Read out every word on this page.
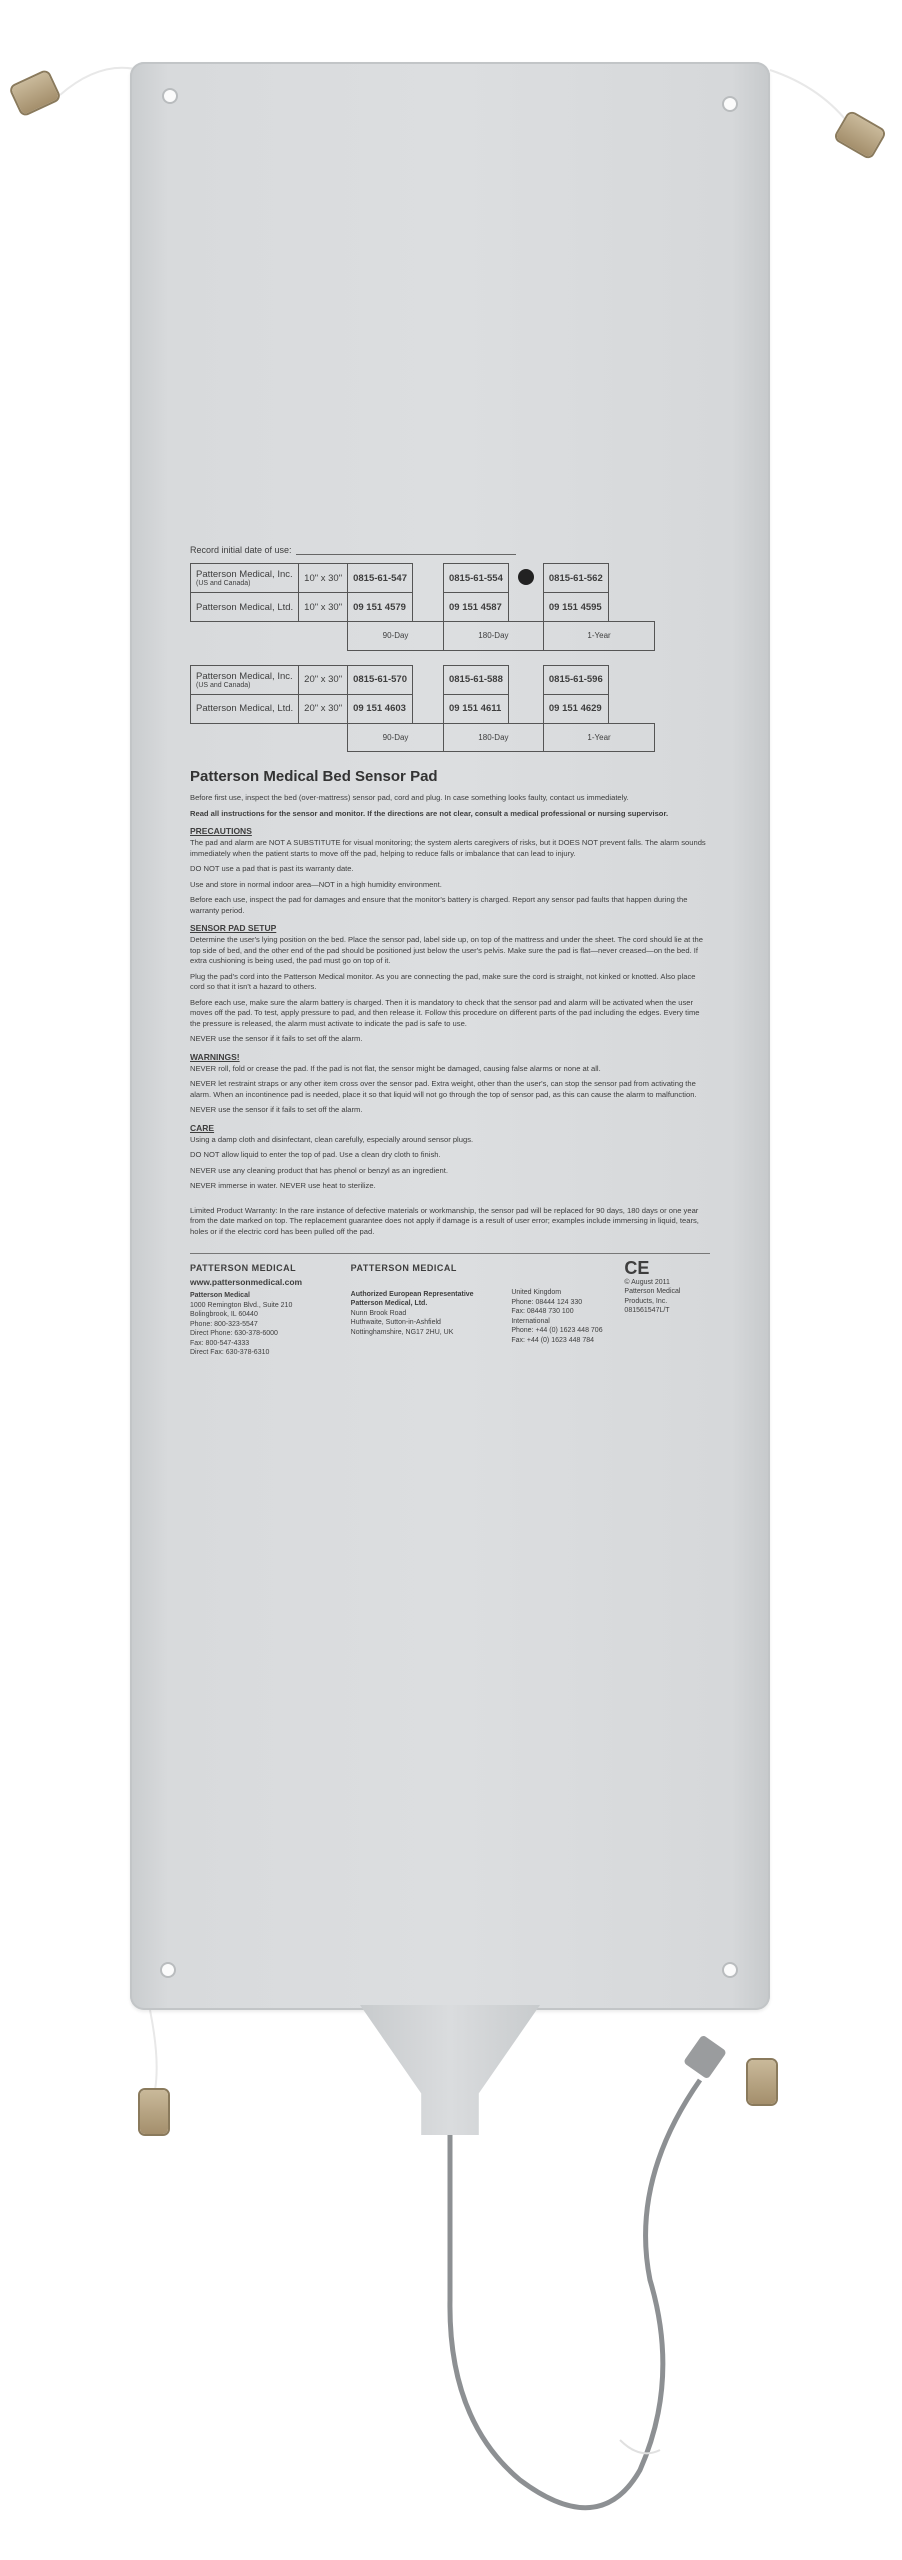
Record initial date of use:
Patterson Medical, Inc.
(US and Canada)	10" x 30"	0815-61-547		0815-61-554		0815-61-562	
Patterson Medical, Ltd.	10" x 30"	09 151 4579		09 151 4587		09 151 4595	
		90-Day		180-Day		1-Year	
Patterson Medical, Inc.
(US and Canada)	20" x 30"	0815-61-570		0815-61-588		0815-61-596	
Patterson Medical, Ltd.	20" x 30"	09 151 4603		09 151 4611		09 151 4629	
		90-Day		180-Day		1-Year	
Patterson Medical Bed Sensor Pad

Before first use, inspect the bed (over-mattress) sensor pad, cord and plug. In case something looks faulty, contact us immediately.

Read all instructions for the sensor and monitor. If the directions are not clear, consult a medical professional or nursing supervisor.

PRECAUTIONS

The pad and alarm are NOT A SUBSTITUTE for visual monitoring; the system alerts caregivers of risks, but it DOES NOT prevent falls. The alarm sounds immediately when the patient starts to move off the pad, helping to reduce falls or imbalance that can lead to injury.

DO NOT use a pad that is past its warranty date.

Use and store in normal indoor area—NOT in a high humidity environment.

Before each use, inspect the pad for damages and ensure that the monitor's battery is charged. Report any sensor pad faults that happen during the warranty period.

SENSOR PAD SETUP

Determine the user's lying position on the bed. Place the sensor pad, label side up, on top of the mattress and under the sheet. The cord should lie at the top side of bed, and the other end of the pad should be positioned just below the user's pelvis. Make sure the pad is flat—never creased—on the bed. If extra cushioning is being used, the pad must go on top of it.

Plug the pad's cord into the Patterson Medical monitor. As you are connecting the pad, make sure the cord is straight, not kinked or knotted. Also place cord so that it isn't a hazard to others.

Before each use, make sure the alarm battery is charged. Then it is mandatory to check that the sensor pad and alarm will be activated when the user moves off the pad. To test, apply pressure to pad, and then release it. Follow this procedure on different parts of the pad including the edges. Every time the pressure is released, the alarm must activate to indicate the pad is safe to use.

NEVER use the sensor if it fails to set off the alarm.

WARNINGS!

NEVER roll, fold or crease the pad. If the pad is not flat, the sensor might be damaged, causing false alarms or none at all.

NEVER let restraint straps or any other item cross over the sensor pad. Extra weight, other than the user's, can stop the sensor pad from activating the alarm. When an incontinence pad is needed, place it so that liquid will not go through the top of sensor pad, as this can cause the alarm to malfunction.

NEVER use the sensor if it fails to set off the alarm.

CARE

Using a damp cloth and disinfectant, clean carefully, especially around sensor plugs.

DO NOT allow liquid to enter the top of pad. Use a clean dry cloth to finish.

NEVER use any cleaning product that has phenol or benzyl as an ingredient.

NEVER immerse in water. NEVER use heat to sterilize.

Limited Product Warranty: In the rare instance of defective materials or workmanship, the sensor pad will be replaced for 90 days, 180 days or one year from the date marked on top. The replacement guarantee does not apply if damage is a result of user error; examples include immersing in liquid, tears, holes or if the electric cord has been pulled off the pad.

PATTERSON MEDICAL
www.pattersonmedical.com
Patterson Medical
1000 Remington Blvd., Suite 210
Bolingbrook, IL 60440
Phone: 800-323-5547
Direct Phone: 630-378-6000
Fax: 800-547-4333
Direct Fax: 630-378-6310
PATTERSON MEDICAL
Authorized European Representative
Patterson Medical, Ltd.
Nunn Brook Road
Huthwaite, Sutton-in-Ashfield
Nottinghamshire, NG17 2HU, UK
United Kingdom
Phone: 08444 124 330
Fax: 08448 730 100
International
Phone: +44 (0) 1623 448 706
Fax: +44 (0) 1623 448 784
CE
© August 2011
Patterson Medical Products, Inc.
081561547L/T
